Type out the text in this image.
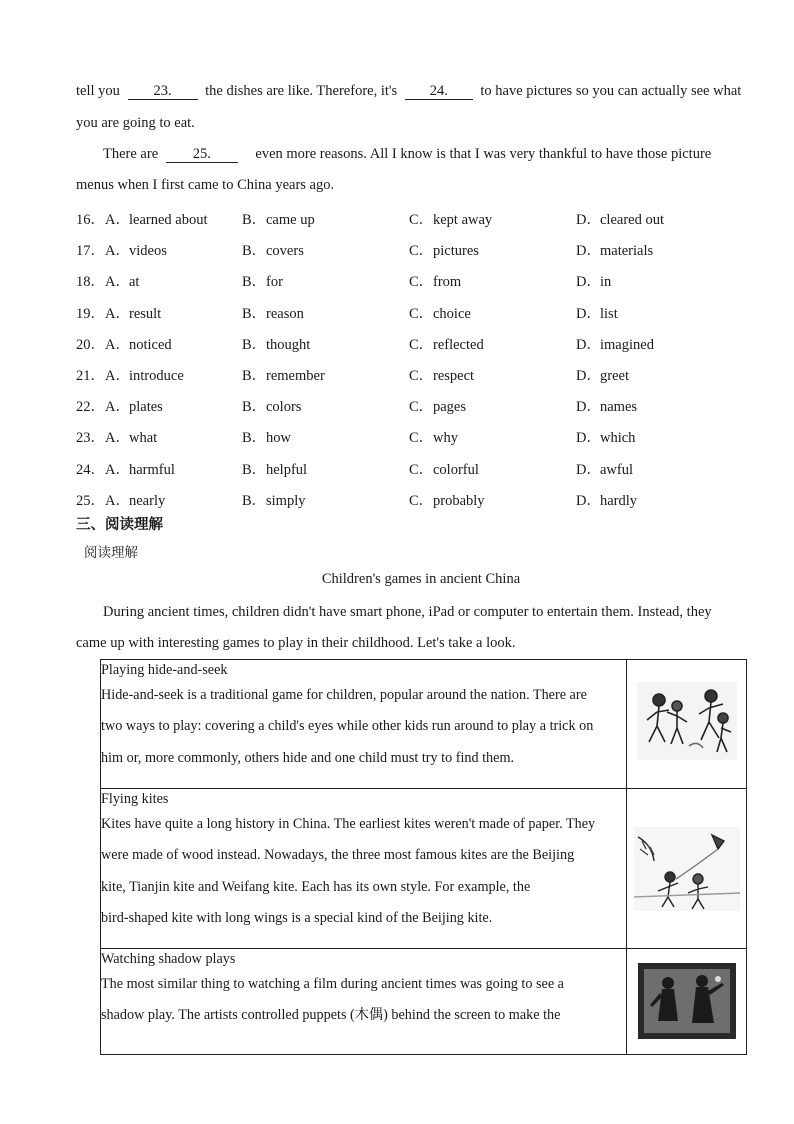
tell you 23. the dishes are like. Therefore, it's 24. to have pictures so you can actually see what
you are going to eat.
There are 25.	even more reasons. All I know is that I was very thankful to have those picture
menus when I first came to China years ago.
16． A．learned about B．came up	C．kept away	D．cleared out
17． A．videos	B．covers	C．pictures	D．materials
18． A．at	B．for	C．from	D．in
19． A．result	B．reason	C．choice	D．list
20． A．noticed	B．thought	C．reflected	D．imagined
21． A．introduce	B．remember	C．respect	D．greet
22． A．plates	B．colors	C．pages	D．names
23． A．what	B．how	C．why	D．which
24． A．harmful	B．helpful	C．colorful	D．awful
25． A．nearly	B．simply	C．probably	D．hardly
三、阅读理解
阅读理解
Children's games in ancient China
During ancient times, children didn't have smart phone, iPad or computer to entertain them. Instead, they
came up with interesting games to play in their childhood. Let's take a look.
Playing hide-and-seek
Hide-and-seek is a traditional game for children, popular around the nation. There are
two ways to play: covering a child's eyes while other kids run around to play a trick on
him or, more commonly, others hide and one child must try to find them.

Flying kites
Kites have quite a long history in China. The earliest kites weren't made of paper. They
were made of wood instead. Nowadays, the three most famous kites are the Beijing
kite, Tianjin kite and Weifang kite. Each has its own style. For example, the
bird-shaped kite with long wings is a special kind of the Beijing kite.

Watching shadow plays
The most similar thing to watching a film during ancient times was going to see a
shadow play. The artists controlled puppets (木偶) behind the screen to make the
